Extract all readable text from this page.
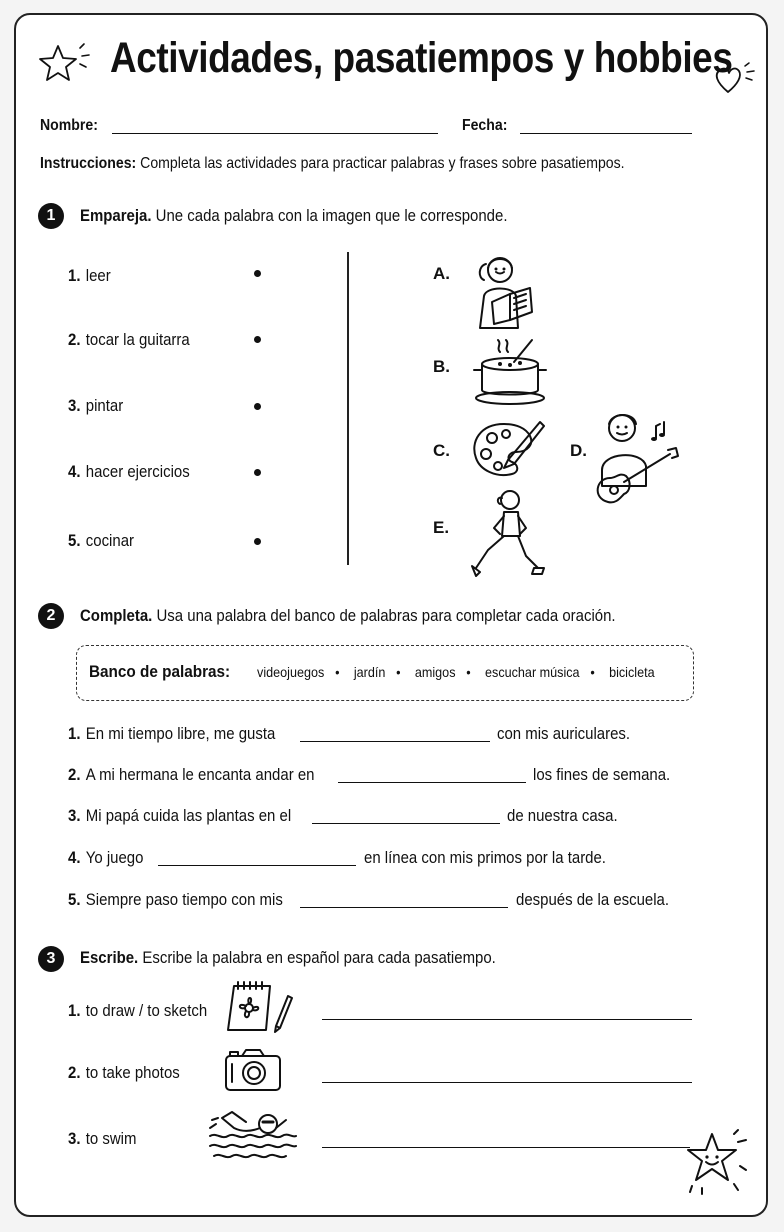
Actividades, pasatiempos y hobbies
Nombre:	Fecha:
Instrucciones: Completa las actividades para practicar palabras y frases sobre pasatiempos.
1	Empareja. Une cada palabra con la imagen que le corresponde.
1. leer
2. tocar la guitarra
3. pintar
4. hacer ejercicios
5. cocinar
A.
B.
C.	D.
E.
2	Completa. Usa una palabra del banco de palabras para completar cada oración.
Banco de palabras: videojuegos • jardín • amigos • escuchar música • bicicleta
1. En mi tiempo libre, me gusta	con mis auriculares.
2. A mi hermana le encanta andar en	los fines de semana.
3. Mi papá cuida las plantas en el	de nuestra casa.
4. Yo juego	en línea con mis primos por la tarde.
5. Siempre paso tiempo con mis	después de la escuela.
3	Escribe. Escribe la palabra en español para cada pasatiempo.
1. to draw / to sketch
2. to take photos
3. to swim
